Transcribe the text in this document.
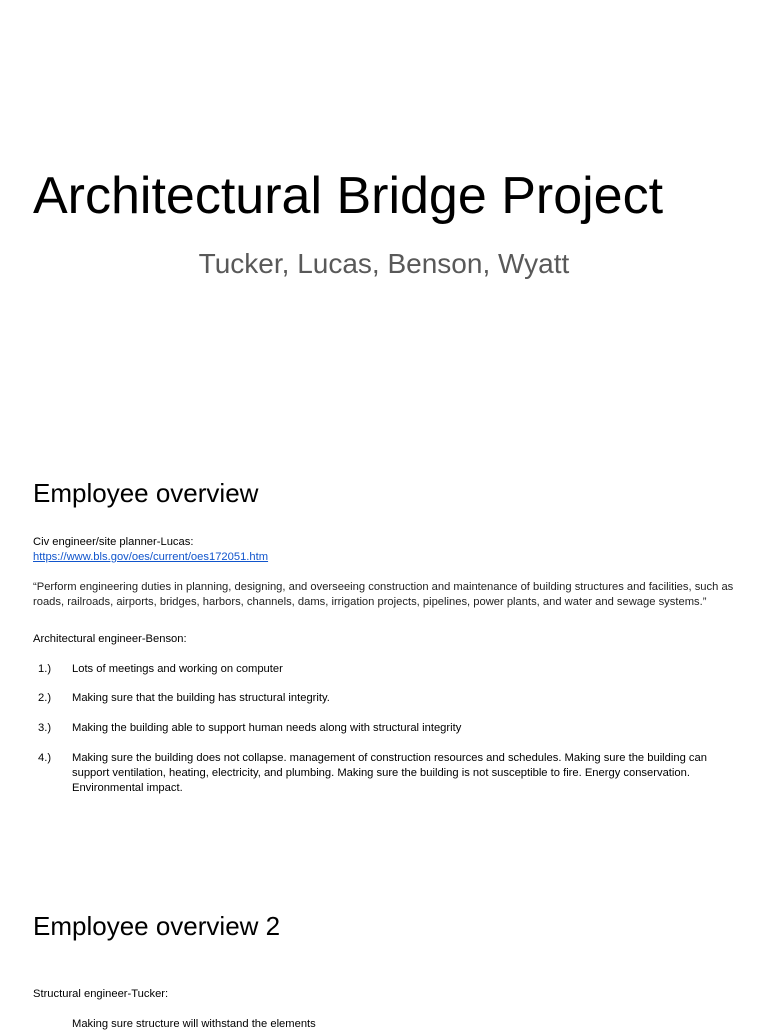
Architectural Bridge Project
Tucker, Lucas, Benson, Wyatt
Employee overview

Civ engineer/site planner-Lucas:

https://www.bls.gov/oes/current/oes172051.htm

“Perform engineering duties in planning, designing, and overseeing construction and maintenance of building structures and facilities, such as roads, railroads, airports, bridges, harbors, channels, dams, irrigation projects, pipelines, power plants, and water and sewage systems.”

Architectural engineer-Benson:

1.) Lots of meetings and working on computer
2.) Making sure that the building has structural integrity.
3.) Making the building able to support human needs along with structural integrity
4.) Making sure the building does not collapse. management of construction resources and schedules. Making sure the building can support ventilation, heating, electricity, and plumbing. Making sure the building is not susceptible to fire. Energy conservation. Environmental impact.
Employee overview 2

Structural engineer-Tucker:

Making sure structure will withstand the elements
